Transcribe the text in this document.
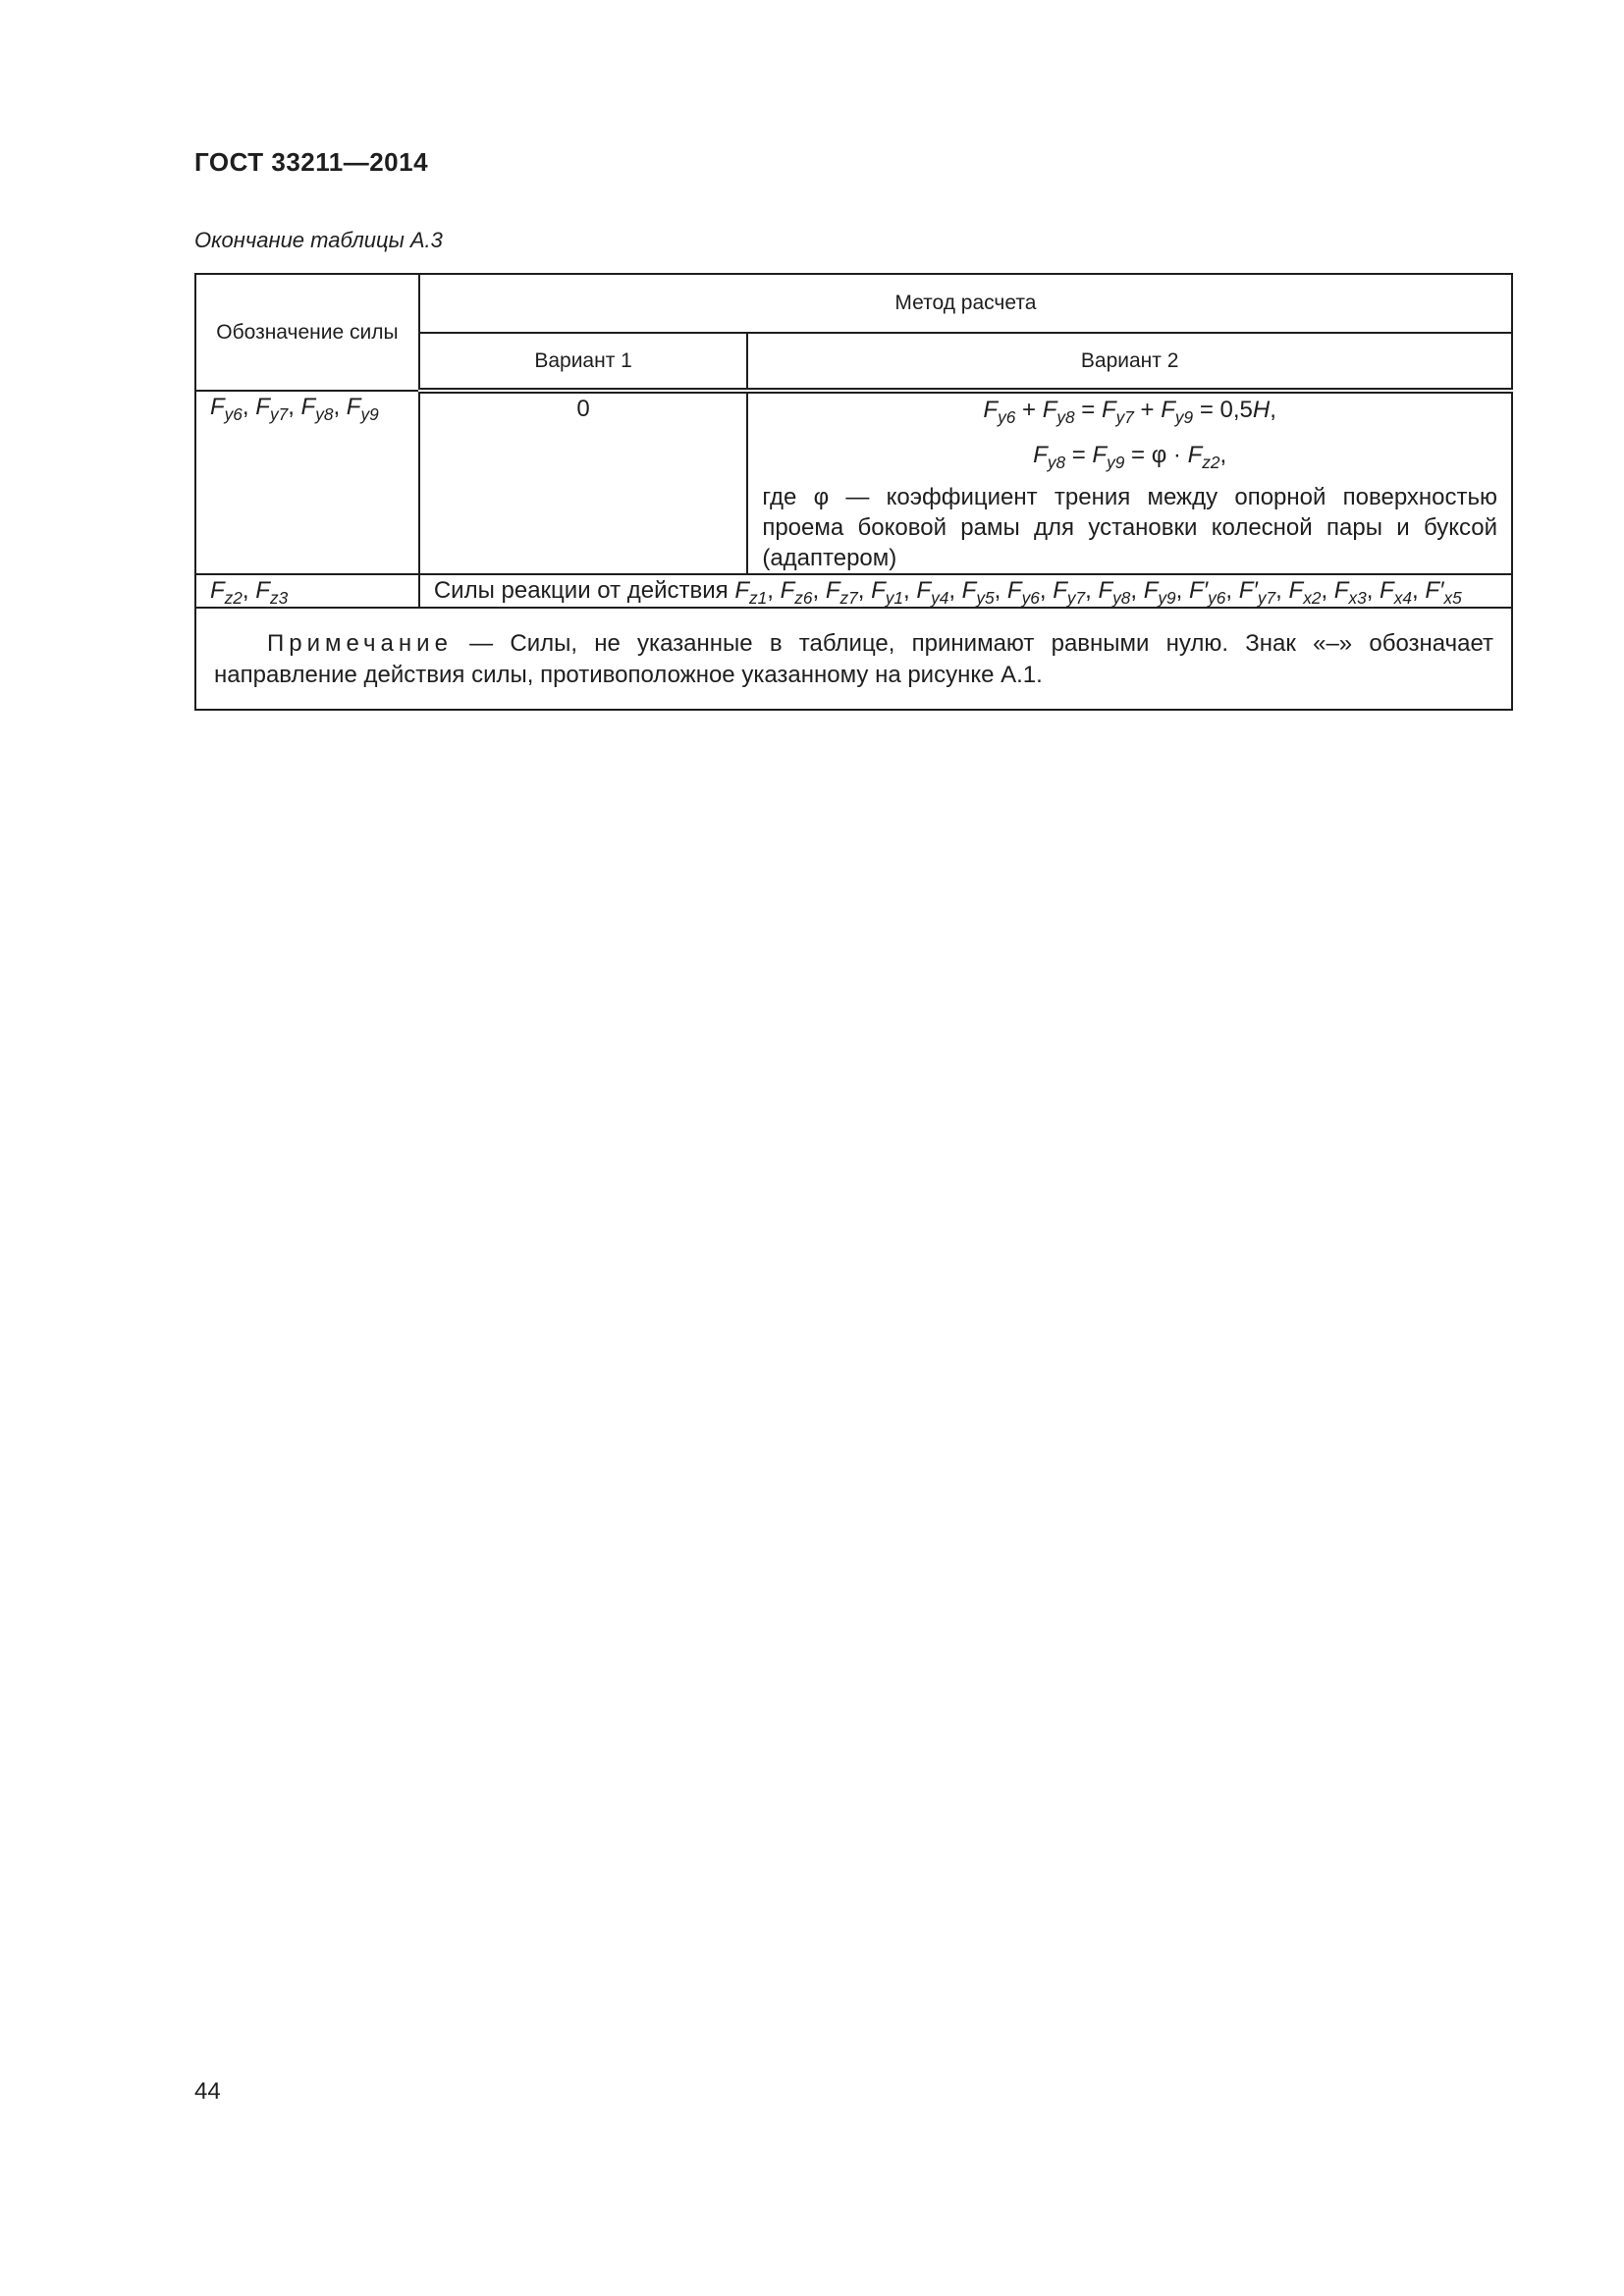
ГОСТ 33211—2014
Окончание таблицы А.3
Обозначение силы	Метод расчета	
	Вариант 1	Вариант 2
$F_{y6}$, $F_{y7}$, $F_{y8}$, $F_{y9}$	0	$F_{y6} + F_{y8} = F_{y7} + F_{y9} = 0,5H$,

$F_{y8} = F_{y9} = \varphi \cdot F_{z2}$,

где φ — коэффициент трения между опорной поверхностью проема боковой рамы для установки колесной пары и буксой (адаптером)

$F_{z2}$, $F_{z3}$	Силы реакции от действия $F_{z1}$, $F_{z6}$, $F_{z7}$, $F_{y1}$, $F_{y4}$, $F_{y5}$, $F_{y6}$, $F_{y7}$, $F_{y8}$, $F_{y9}$, $F'_{y6}$, $F'_{y7}$, $F_{x2}$, $F_{x3}$, $F_{x4}$, $F'_{x5}$
Примечание — Силы, не указанные в таблице, принимают равными нулю. Знак «–» обозначает направление действия силы, противоположное указанному на рисунке А.1.		
44
